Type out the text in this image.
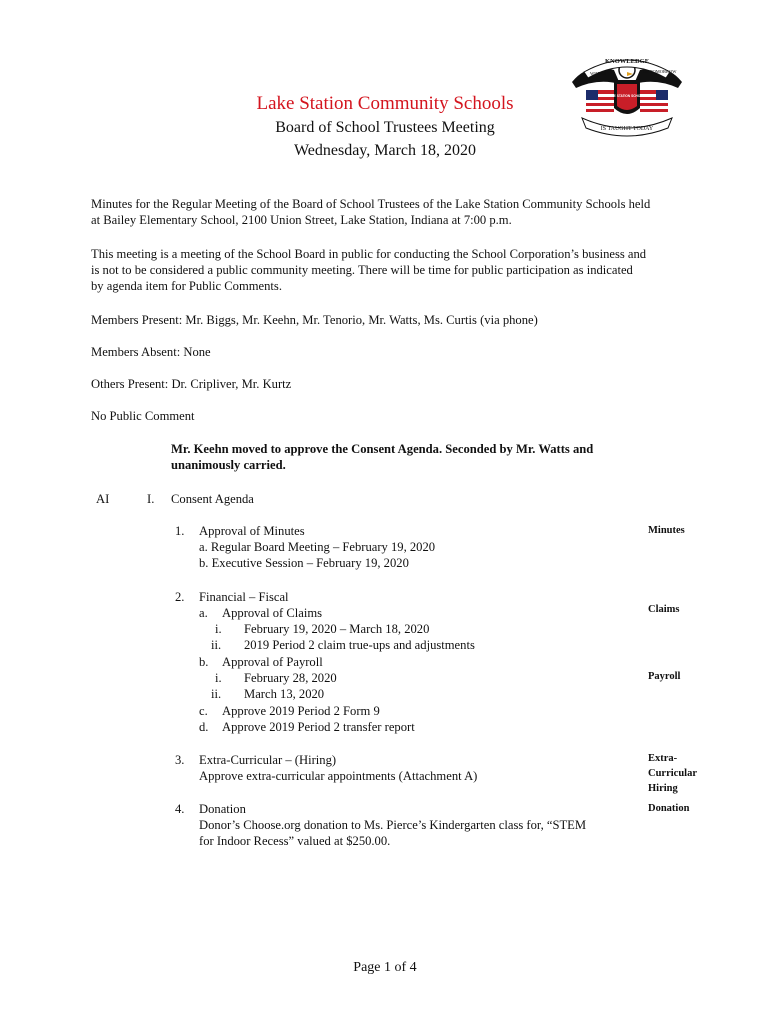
KNOWLEDGE
WHERE	OF TOMORROW
LAKE STATION SCHOOLS
IS TAUGHT TODAY
Lake Station Community Schools
Board of School Trustees Meeting
Wednesday, March 18, 2020
Minutes for the Regular Meeting of the Board of School Trustees of the Lake Station Community Schools held
at Bailey Elementary School, 2100 Union Street, Lake Station, Indiana at 7:00 p.m.
This meeting is a meeting of the School Board in public for conducting the School Corporation’s business and
is not to be considered a public community meeting. There will be time for public participation as indicated
by agenda item for Public Comments.
Members Present: Mr. Biggs, Mr. Keehn, Mr. Tenorio, Mr. Watts, Ms. Curtis (via phone)
Members Absent: None
Others Present: Dr. Cripliver, Mr. Kurtz
No Public Comment
Mr. Keehn moved to approve the Consent Agenda. Seconded by Mr. Watts and
unanimously carried.
AI	I. Consent Agenda
1. Approval of Minutes
a. Regular Board Meeting – February 19, 2020
b. Executive Session – February 19, 2020
2. Financial – Fiscal
a. Approval of Claims
i. February 19, 2020 – March 18, 2020
ii. 2019 Period 2 claim true-ups and adjustments
b. Approval of Payroll
i. February 28, 2020
ii. March 13, 2020
c. Approve 2019 Period 2 Form 9
d. Approve 2019 Period 2 transfer report
3. Extra-Curricular – (Hiring)
Approve extra-curricular appointments (Attachment A)
4. Donation
Donor’s Choose.org donation to Ms. Pierce’s Kindergarten class for, “STEM
for Indoor Recess” valued at $250.00.
Minutes
Claims
Payroll
Extra-
Curricular
Hiring
Donation
Page 1 of 4
